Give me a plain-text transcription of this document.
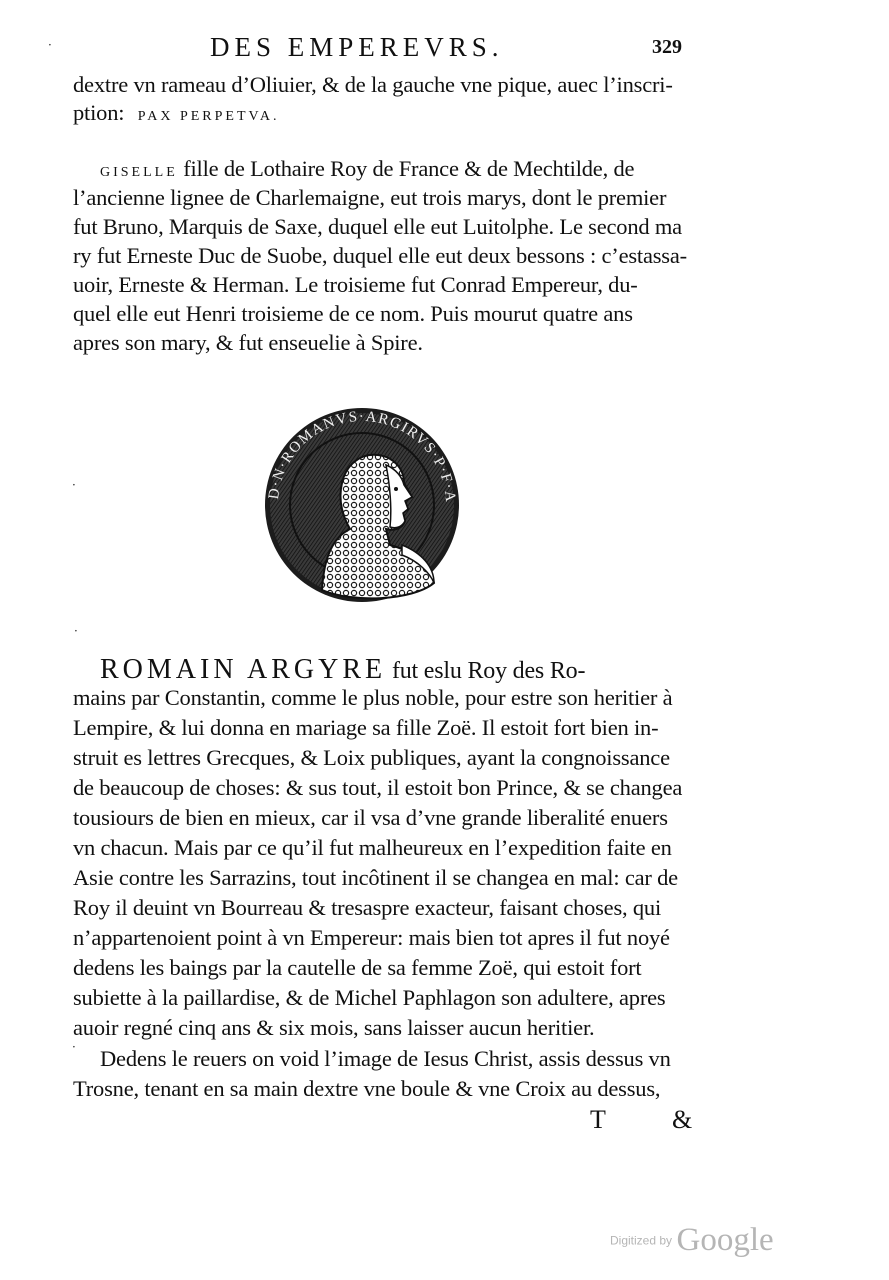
·	DES EMPEREVRS.	329
dextre vn rameau d’Oliuier, & de la gauche vne pique, auec l’inscri-
ption: PAX PERPETVA.
GISELLE fille de Lothaire Roy de France & de Mechtilde, de
l’ancienne lignee de Charlemaigne, eut trois marys, dont le premier
fut Bruno, Marquis de Saxe, duquel elle eut Luitolphe. Le second ma
ry fut Erneste Duc de Suobe, duquel elle eut deux bessons : c’estassa-
uoir, Erneste & Herman. Le troisieme fut Conrad Empereur, du-
quel elle eut Henri troisieme de ce nom. Puis mourut quatre ans
apres son mary, & fut enseuelie à Spire.
·
·
D·N·ROMANVS·ARGIRVS·P·F·A
ROMAIN ARGYRE fut eslu Roy des Ro-
mains par Constantin, comme le plus noble, pour estre son heritier à
Lempire, & lui donna en mariage sa fille Zoë. Il estoit fort bien in-
struit es lettres Grecques, & Loix publiques, ayant la congnoissance
de beaucoup de choses: & sus tout, il estoit bon Prince, & se changea
tousiours de bien en mieux, car il vsa d’vne grande liberalité enuers
vn chacun. Mais par ce qu’il fut malheureux en l’expedition faite en
Asie contre les Sarrazins, tout incôtinent il se changea en mal: car de
Roy il deuint vn Bourreau & tresaspre exacteur, faisant choses, qui
n’appartenoient point à vn Empereur: mais bien tot apres il fut noyé
dedens les baings par la cautelle de sa femme Zoë, qui estoit fort
subiette à la paillardise, & de Michel Paphlagon son adultere, apres
auoir regné cinq ans & six mois, sans laisser aucun heritier.
· Dedens le reuers on void l’image de Iesus Christ, assis dessus vn
Trosne, tenant en sa main dextre vne boule & vne Croix au dessus,
T	&
Digitized by Google
